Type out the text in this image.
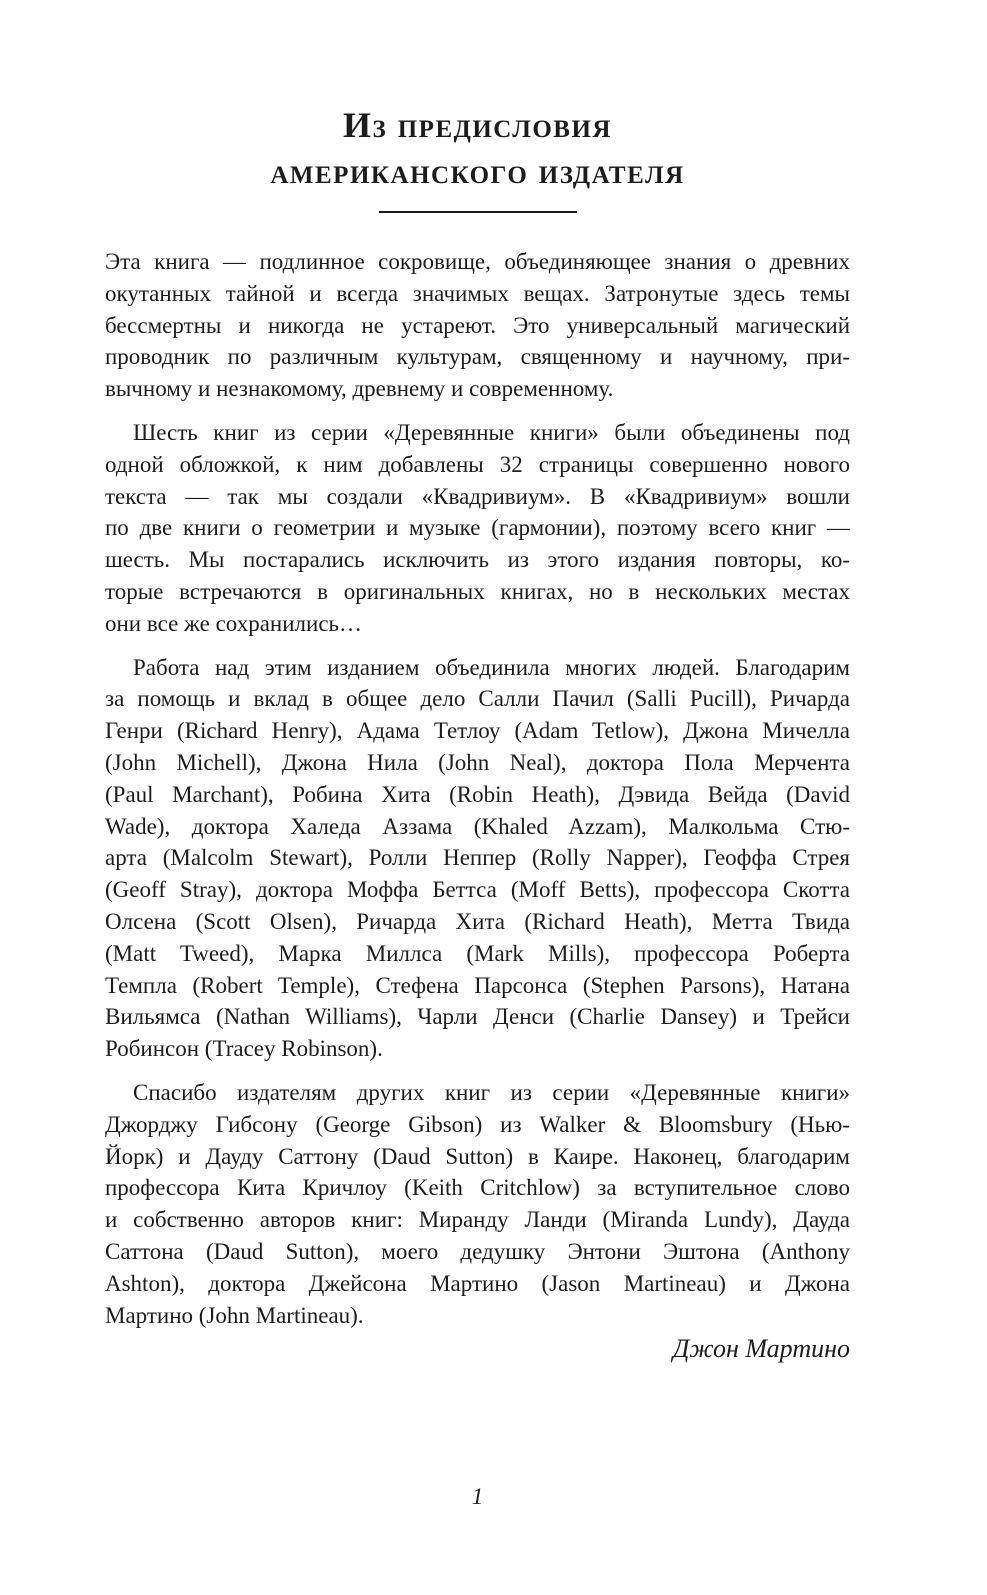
Из предисловия
американского издателя

Эта книга — подлинное сокровище, объединяющее знания о древних
окутанных тайной и всегда значимых вещах. Затронутые здесь темы
бессмертны и никогда не устареют. Это универсальный магический
проводник по различным культурам, священному и научному, при-
вычному и незнакомому, древнему и современному.

Шесть книг из серии «Деревянные книги» были объединены под
одной обложкой, к ним добавлены 32 страницы совершенно нового
текста — так мы создали «Квадривиум». В «Квадривиум» вошли
по две книги о геометрии и музыке (гармонии), поэтому всего книг —
шесть. Мы постарались исключить из этого издания повторы, ко-
торые встречаются в оригинальных книгах, но в нескольких местах
они все же сохранились…

Работа над этим изданием объединила многих людей. Благодарим
за помощь и вклад в общее дело Салли Пачил (Salli Pucill), Ричарда
Генри (Richard Henry), Адама Тетлоу (Adam Tetlow), Джона Мичелла
(John Michell), Джона Нила (John Neal), доктора Пола Мерчента
(Paul Marchant), Робина Хита (Robin Heath), Дэвида Вейда (David
Wade), доктора Халеда Аззама (Khaled Azzam), Малкольма Стю-
арта (Malcolm Stewart), Ролли Неппер (Rolly Napper), Геоффа Стрея
(Geoff Stray), доктора Моффа Беттса (Moff Betts), профессора Скотта
Олсена (Scott Olsen), Ричарда Хита (Richard Heath), Метта Твида
(Matt Tweed), Марка Миллса (Mark Mills), профессора Роберта
Темпла (Robert Temple), Стефена Парсонса (Stephen Parsons), Натана
Вильямса (Nathan Williams), Чарли Денси (Charlie Dansey) и Трейси
Робинсон (Tracey Robinson).

Спасибо издателям других книг из серии «Деревянные книги»
Джорджу Гибсону (George Gibson) из Walker & Bloomsbury (Нью-
Йорк) и Дауду Саттону (Daud Sutton) в Каире. Наконец, благодарим
профессора Кита Кричлоу (Keith Critchlow) за вступительное слово
и собственно авторов книг: Миранду Ланди (Miranda Lundy), Дауда
Саттона (Daud Sutton), моего дедушку Энтони Эштона (Anthony
Ashton), доктора Джейсона Мартино (Jason Martineau) и Джона
Мартино (John Martineau).

Джон Мартино
1
